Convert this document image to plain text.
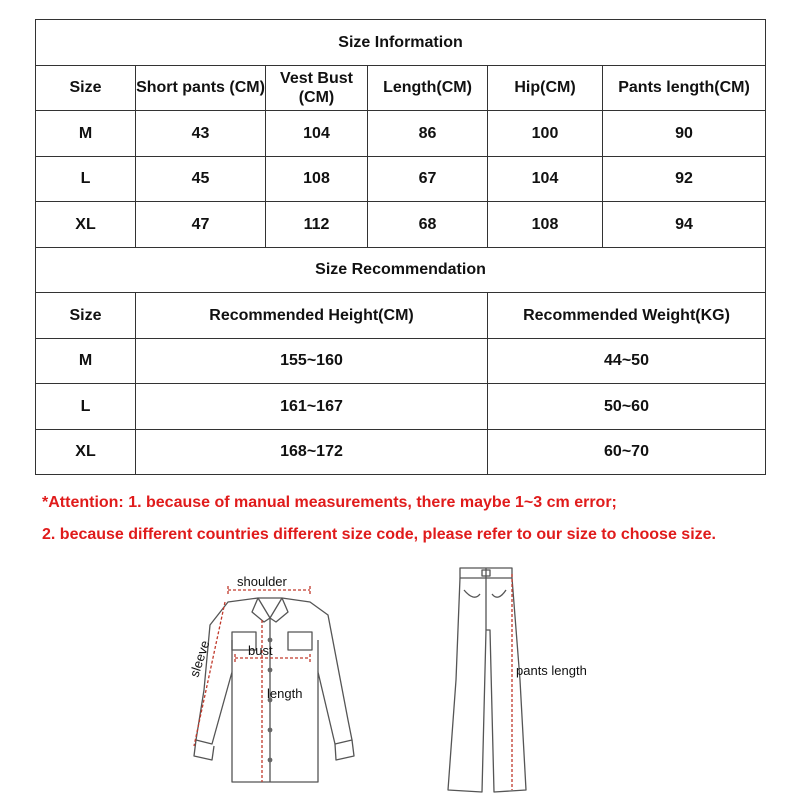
Size Information					
Size	Short pants (CM)	Vest Bust (CM)	Length(CM)	Hip(CM)	Pants length(CM)
M	43	104	86	100	90
L	45	108	67	104	92
XL	47	112	68	108	94
Size Recommendation					
Size	Recommended Height(CM)			Recommended Weight(KG)	
M	155~160			44~50	
L	161~167			50~60	
XL	168~172			60~70	
*Attention: 1. because of manual measurements, there maybe 1~3 cm error;
2. because different countries different size code, please refer to our size to choose size.
shoulder
sleeve	bust
length
pants length
